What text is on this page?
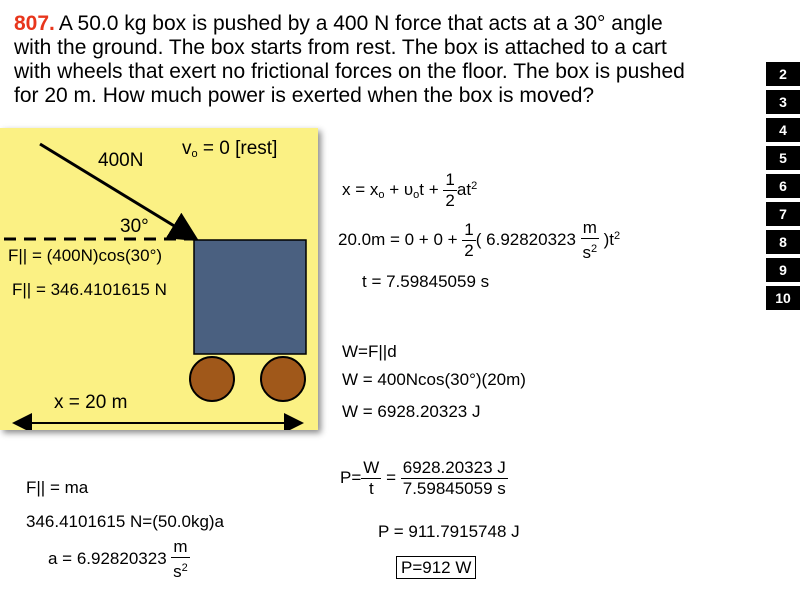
807. A 50.0 kg box is pushed by a 400 N force that acts at a 30° angle
with the ground. The box starts from rest. The box is attached to a cart
with wheels that exert no frictional forces on the floor. The box is pushed
for 20 m. How much power is exerted when the box is moved?
2
3
4
5
6
7
8
9
10
400N
$v_o = 0$ [rest]
30°
F|| = (400N)cos(30°)
F|| = 346.4101615 N
x = 20 m
$x = x_o + \upsilon_ot + \frac{1}{2} at^2$
$20.0m = 0 + 0 + \frac{1}{2}$ ( $6.92820323 \frac{m}{s^2} )t^2$
t = 7.59845059 s
W=F||d
W = 400Ncos(30°)(20m)
W = 6928.20323 J
F|| = ma
346.4101615 N=(50.0kg)a
$a = 6.92820323 \frac{m}{s^2}$
$P= \frac{W}{t} = \frac{6928.20323 J}{7.59845059 s}$
P = 911.7915748 J
P=912 W
